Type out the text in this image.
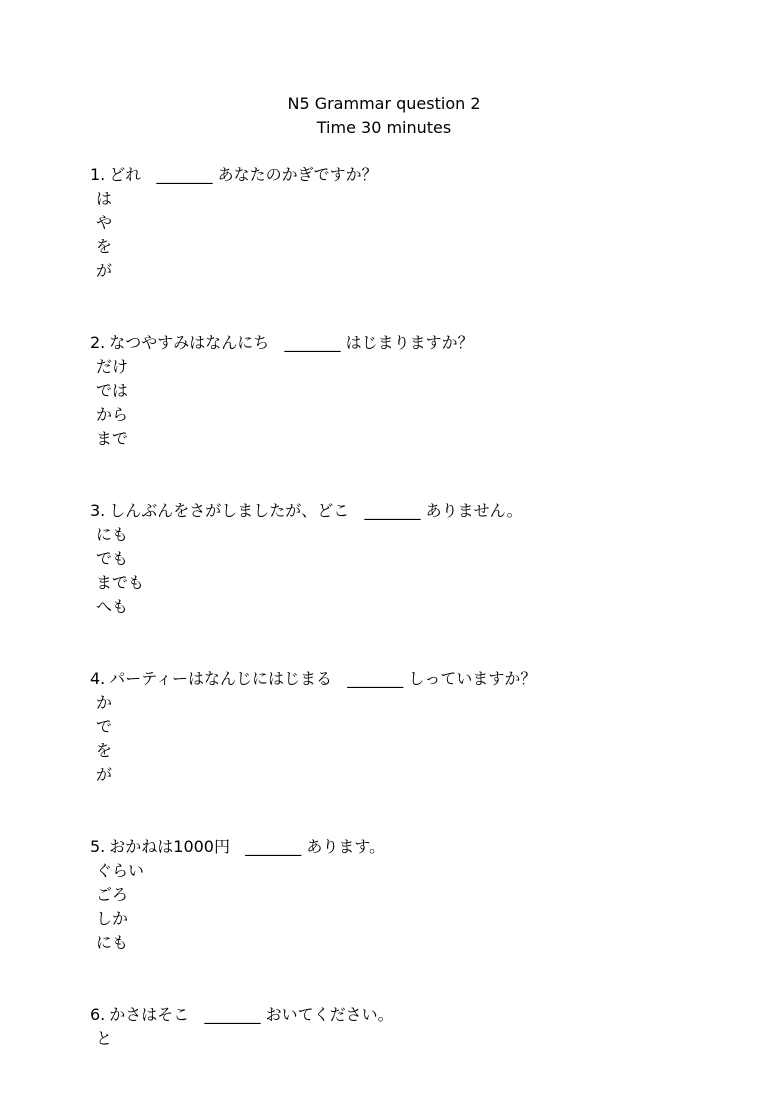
N5 Grammar question 2
Time 30 minutes
1. どれ _______ あなたのかぎですか？
は
や
を
が
2. なつやすみはなんにち _______ はじまりますか？
だけ
では
から
まで
3. しんぶんをさがしましたが、どこ _______ ありません。
にも
でも
までも
へも
4. パーティーはなんじにはじまる _______ しっていますか？
か
で
を
が
5. おかねは1000円 _______ あります。
ぐらい
ごろ
しか
にも
6. かさはそこ _______ おいてください。
と
